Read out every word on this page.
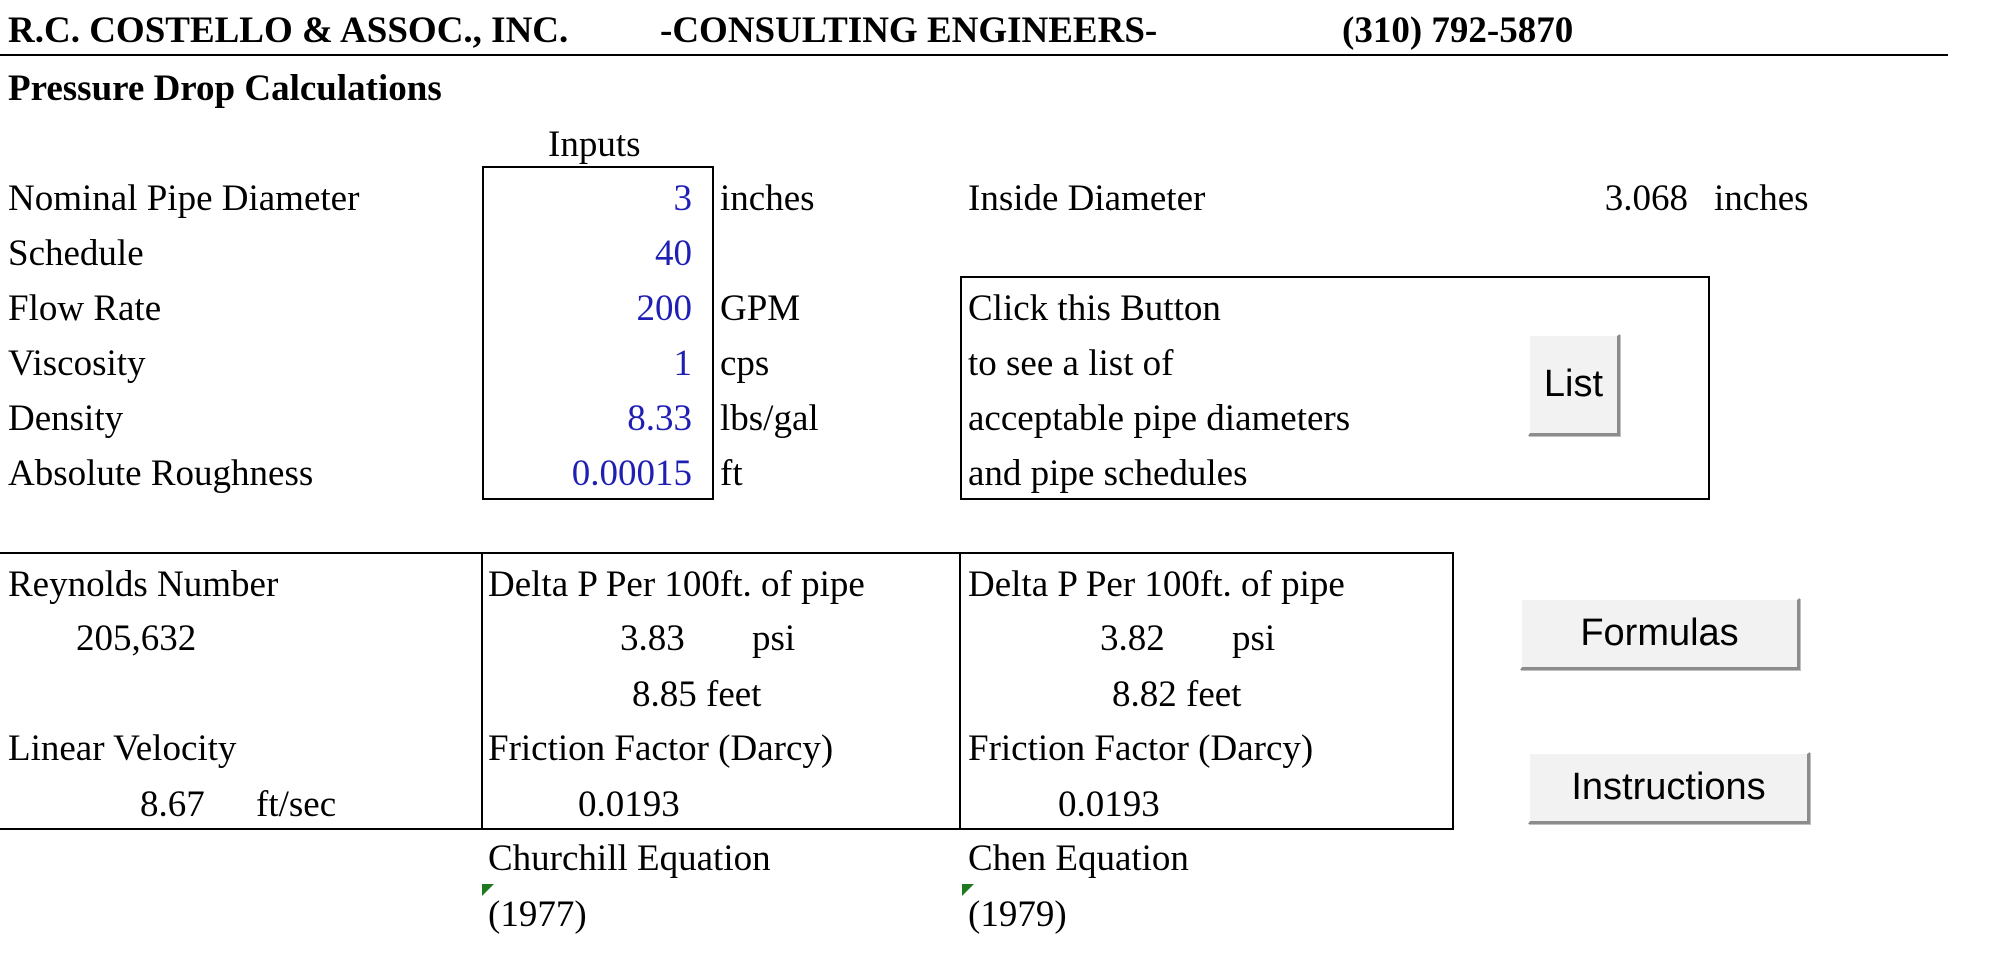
R.C. COSTELLO & ASSOC., INC. -CONSULTING ENGINEERS-	(310) 792-5870
Pressure Drop Calculations
Inputs
Nominal Pipe Diameter
Schedule
Flow Rate
Viscosity
Density
Absolute Roughness
3
40
200
1
8.33
0.00015
inches
GPM
cps
lbs/gal
ft
Inside Diameter	3.068 inches
Click this Button
to see a list of
acceptable pipe diameters
and pipe schedules
List
Reynolds Number
205,632
Linear Velocity
8.67 ft/sec
Delta P Per 100ft. of pipe
3.83 psi
8.85 feet
Friction Factor (Darcy)
0.0193
Delta P Per 100ft. of pipe
3.82 psi
8.82 feet
Friction Factor (Darcy)
0.0193
Churchill Equation
(1977)
Chen Equation
(1979)
Formulas
Instructions
